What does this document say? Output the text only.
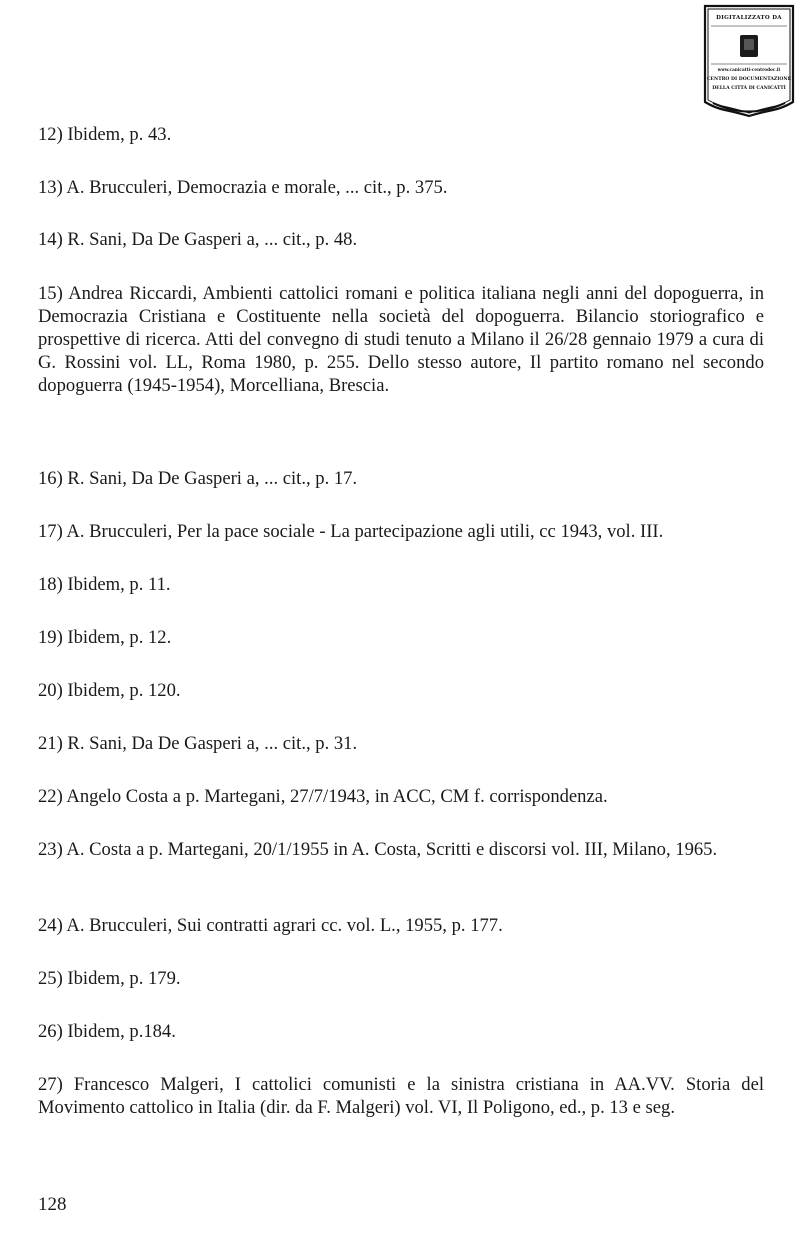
DIGITALIZZATO DA
www.canicatti-centrodoc.it
CENTRO DI DOCUMENTAZIONE
DELLA CITTÀ DI CANICATTÌ
12) Ibidem, p. 43.
13) A. Brucculeri, Democrazia e morale, ... cit., p. 375.
14) R. Sani, Da De Gasperi a, ... cit., p. 48.
15) Andrea Riccardi, Ambienti cattolici romani e politica italiana negli anni del dopoguerra, in Democrazia Cristiana e Costituente nella società del dopoguerra. Bilancio storiografico e prospettive di ricerca. Atti del convegno di studi tenuto a Milano il 26/28 gennaio 1979 a cura di G. Rossini vol. LL, Roma 1980, p. 255. Dello stesso autore, Il partito romano nel secondo dopoguerra (1945-1954), Morcelliana, Brescia.
16) R. Sani, Da De Gasperi a, ... cit., p. 17.
17) A. Brucculeri, Per la pace sociale - La partecipazione agli utili, cc 1943, vol. III.
18) Ibidem, p. 11.
19) Ibidem, p. 12.
20) Ibidem, p. 120.
21) R. Sani, Da De Gasperi a, ... cit., p. 31.
22) Angelo Costa a p. Martegani, 27/7/1943, in ACC, CM f. corrispondenza.
23) A. Costa a p. Martegani, 20/1/1955 in A. Costa, Scritti e discorsi vol. III, Milano, 1965.
24) A. Brucculeri, Sui contratti agrari cc. vol. L., 1955, p. 177.
25) Ibidem, p. 179.
26) Ibidem, p.184.
27) Francesco Malgeri, I cattolici comunisti e la sinistra cristiana in AA.VV. Storia del Movimento cattolico in Italia (dir. da F. Malgeri) vol. VI, Il Poligono, ed., p. 13 e seg.
128
